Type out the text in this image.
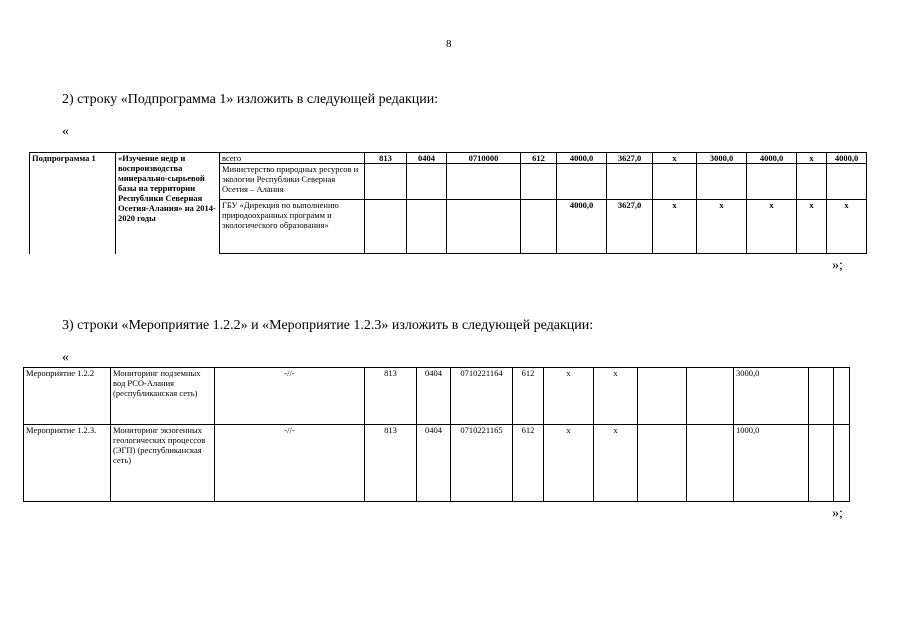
8
2) строку «Подпрограмма 1» изложить в следующей редакции:
«
Подпрограмма 1	«Изучение недр и воспроизводства минерально-сырьевой базы на территории Республики Северная Осетия-Алания» на 2014-2020 годы	всего	813	0404	0710000	612	4000,0	3627,0	x	3000,0	4000,0	x	4000,0
		Министерство природных ресурсов и экологии Республики Северная Осетия – Алания											
		ГБУ «Дирекция по выполнению природоохранных программ и экологического образования»					4000,0	3627,0	x	x	x	x	x
»;
3) строки «Мероприятие 1.2.2» и «Мероприятие 1.2.3» изложить в следующей редакции:
«
Мероприятие 1.2.2	Мониторинг подземных вод РСО-Алания (республиканская сеть)	-//-	813	0404	0710221164	612	x	x			3000,0		
Мероприятие 1.2.3.	Мониторинг экзогенных геологических процессов (ЭГП) (республиканская сеть)	-//-	813	0404	0710221165	612	x	x			1000,0		
»;
